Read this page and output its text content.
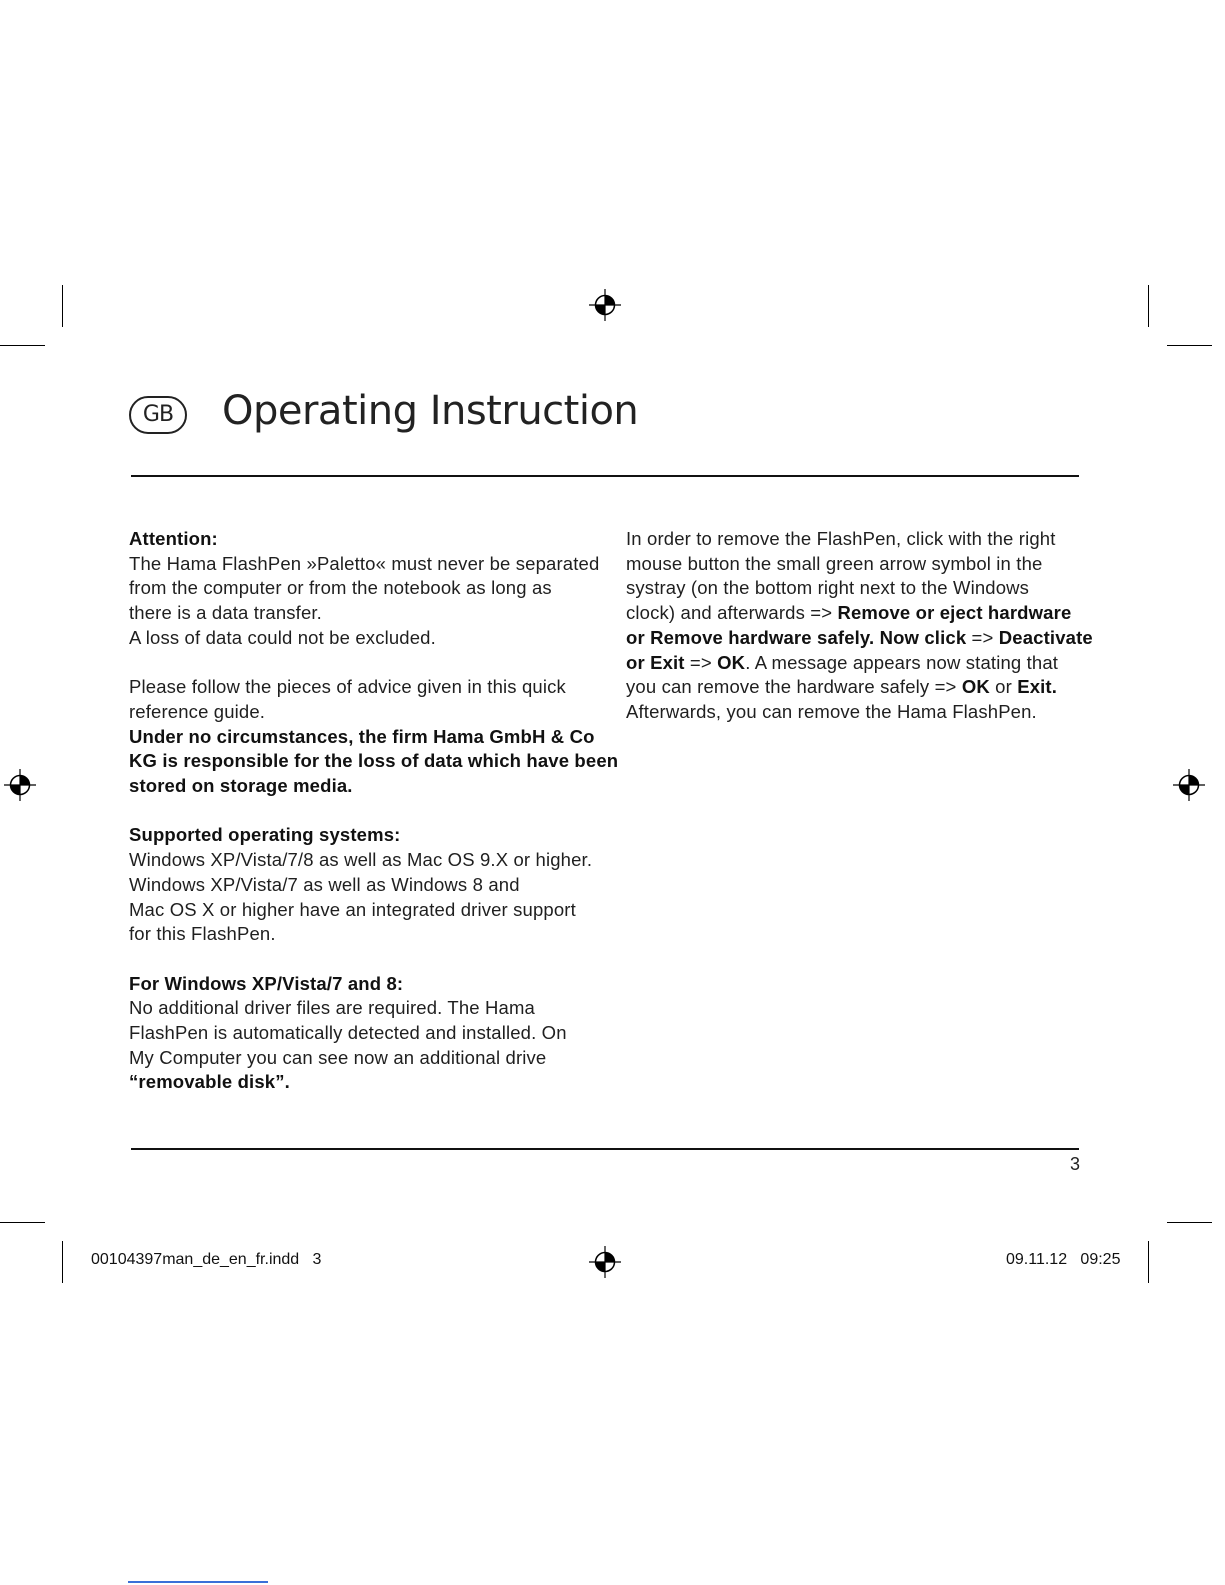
GB	Operating Instruction
Attention:
The Hama FlashPen »Paletto« must never be separated
from the computer or from the notebook as long as
there is a data transfer.
A loss of data could not be excluded.
Please follow the pieces of advice given in this quick
reference guide.
Under no circumstances, the firm Hama GmbH & Co
KG is responsible for the loss of data which have been
stored on storage media.
Supported operating systems:
Windows XP/Vista/7/8 as well as Mac OS 9.X or higher.
Windows XP/Vista/7 as well as Windows 8 and
Mac OS X or higher have an integrated driver support
for this FlashPen.
For Windows XP/Vista/7 and 8:
No additional driver files are required. The Hama
FlashPen is automatically detected and installed. On
My Computer you can see now an additional drive
“removable disk”.
In order to remove the FlashPen, click with the right
mouse button the small green arrow symbol in the
systray (on the bottom right next to the Windows
clock) and afterwards => Remove or eject hardware
or Remove hardware safely. Now click => Deactivate
or Exit => OK. A message appears now stating that
you can remove the hardware safely => OK or Exit.
Afterwards, you can remove the Hama FlashPen.
3
00104397man_de_en_fr.indd   3	09.11.12   09:25
